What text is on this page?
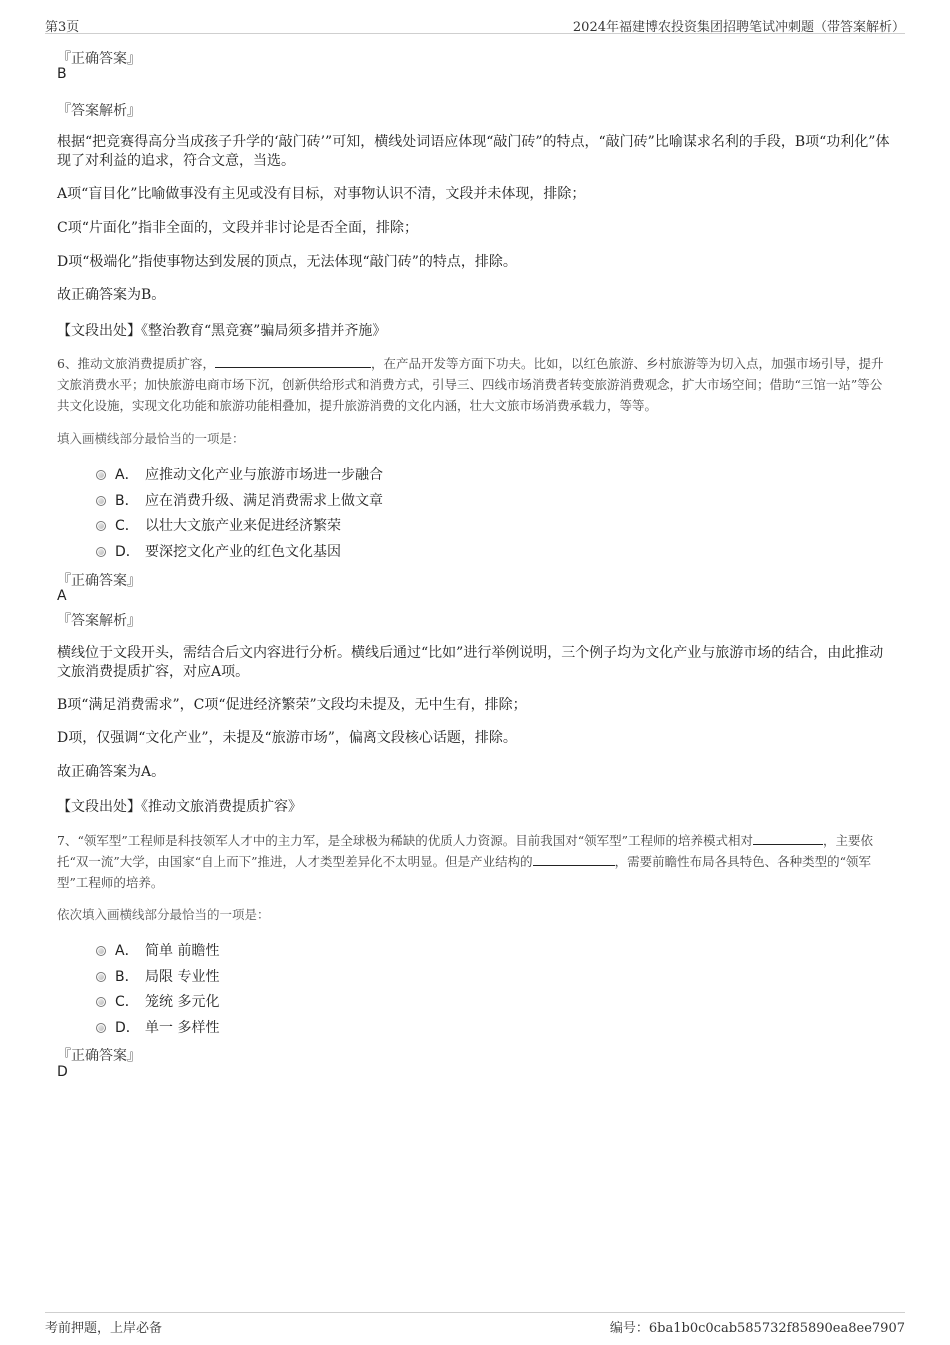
第3页	2024年福建博农投资集团招聘笔试冲刺题（带答案解析）
『正确答案』
B
『答案解析』
根据“把竞赛得高分当成孩子升学的‘敲门砖’”可知，横线处词语应体现“敲门砖”的特点，“敲门砖”比喻谋求名利的手段，B项“功利化”体现了对利益的追求，符合文意，当选。
A项“盲目化”比喻做事没有主见或没有目标，对事物认识不清，文段并未体现，排除；
C项“片面化”指非全面的，文段并非讨论是否全面，排除；
D项“极端化”指使事物达到发展的顶点，无法体现“敲门砖”的特点，排除。
故正确答案为B。
【文段出处】《整治教育“黑竞赛”骗局须多措并齐施》
6、推动文旅消费提质扩容，	，在产品开发等方面下功夫。比如，以红色旅游、乡村旅游等为切入点，加强市场引导，提升文旅消费水平；加快旅游电商市场下沉，创新供给形式和消费方式，引导三、四线市场消费者转变旅游消费观念，扩大市场空间；借助“三馆一站”等公共文化设施，实现文化功能和旅游功能相叠加，提升旅游消费的文化内涵，壮大文旅市场消费承载力，等等。
填入画横线部分最恰当的一项是：
A． 应推动文化产业与旅游市场进一步融合
B． 应在消费升级、满足消费需求上做文章
C． 以壮大文旅产业来促进经济繁荣
D． 要深挖文化产业的红色文化基因
『正确答案』
A
『答案解析』
横线位于文段开头，需结合后文内容进行分析。横线后通过“比如”进行举例说明，三个例子均为文化产业与旅游市场的结合，由此推动文旅消费提质扩容，对应A项。
B项“满足消费需求”，C项“促进经济繁荣”文段均未提及，无中生有，排除；
D项，仅强调“文化产业”，未提及“旅游市场”，偏离文段核心话题，排除。
故正确答案为A。
【文段出处】《推动文旅消费提质扩容》
7、“领军型”工程师是科技领军人才中的主力军，是全球极为稀缺的优质人力资源。目前我国对“领军型”工程师的培养模式相对	，主要依托“双一流”大学，由国家“自上而下”推进，人才类型差异化不太明显。但是产业结构的	，需要前瞻性布局各具特色、各种类型的“领军型”工程师的培养。
依次填入画横线部分最恰当的一项是：
A． 简单 前瞻性
B． 局限 专业性
C． 笼统 多元化
D． 单一 多样性
『正确答案』
D
考前押题，上岸必备	编号：6ba1b0c0cab585732f85890ea8ee7907
